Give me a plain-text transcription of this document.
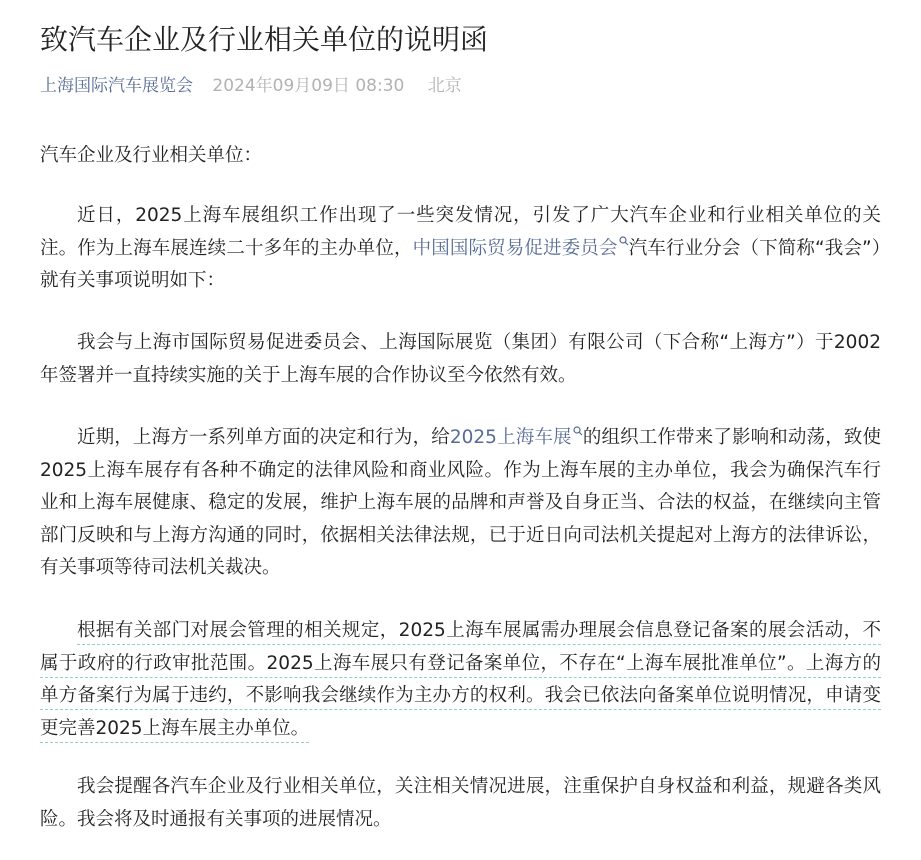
致汽车企业及行业相关单位的说明函
上海国际汽车展览会 2024年09月09日 08:30 北京
汽车企业及行业相关单位：

近日，2025上海车展组织工作出现了一些突发情况，引发了广大汽车企业和行业相关单位的关注。作为上海车展连续二十多年的主办单位，中国国际贸易促进委员会 汽车行业分会（下简称“我会”）就有关事项说明如下：

我会与上海市国际贸易促进委员会、上海国际展览（集团）有限公司（下合称“上海方”）于2002年签署并一直持续实施的关于上海车展的合作协议至今依然有效。

近期，上海方一系列单方面的决定和行为，给2025上海车展 的组织工作带来了影响和动荡，致使2025上海车展存有各种不确定的法律风险和商业风险。作为上海车展的主办单位，我会为确保汽车行业和上海车展健康、稳定的发展，维护上海车展的品牌和声誉及自身正当、合法的权益，在继续向主管部门反映和与上海方沟通的同时，依据相关法律法规，已于近日向司法机关提起对上海方的法律诉讼，有关事项等待司法机关裁决。

根据有关部门对展会管理的相关规定，2025上海车展属需办理展会信息登记备案的展会活动，不属于政府的行政审批范围。2025上海车展只有登记备案单位，不存在“上海车展批准单位”。上海方的单方备案行为属于违约，不影响我会继续作为主办方的权利。我会已依法向备案单位说明情况，申请变更完善2025上海车展主办单位。

我会提醒各汽车企业及行业相关单位，关注相关情况进展，注重保护自身权益和利益，规避各类风险。我会将及时通报有关事项的进展情况。
